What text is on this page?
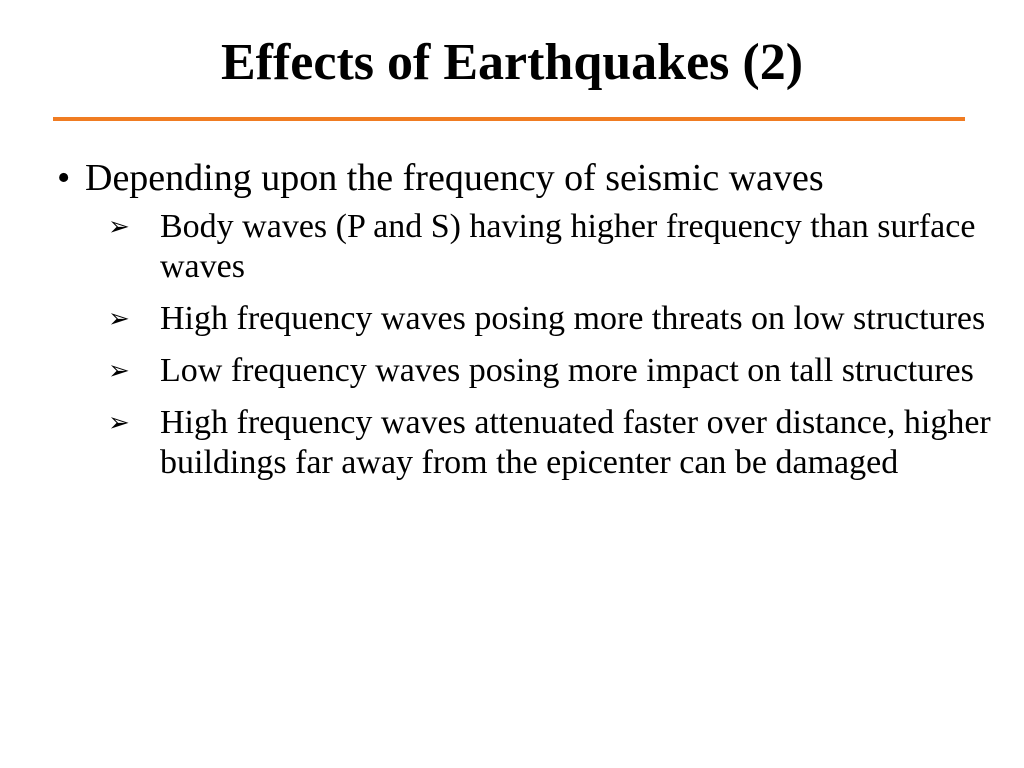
Effects of Earthquakes (2)
• Depending upon the frequency of seismic waves
➢ Body waves (P and S) having higher frequency than surface waves
➢ High frequency waves posing more threats on low structures
➢ Low frequency waves posing more impact on tall structures
➢ High frequency waves attenuated faster over distance, higher buildings far away from the epicenter can be damaged
